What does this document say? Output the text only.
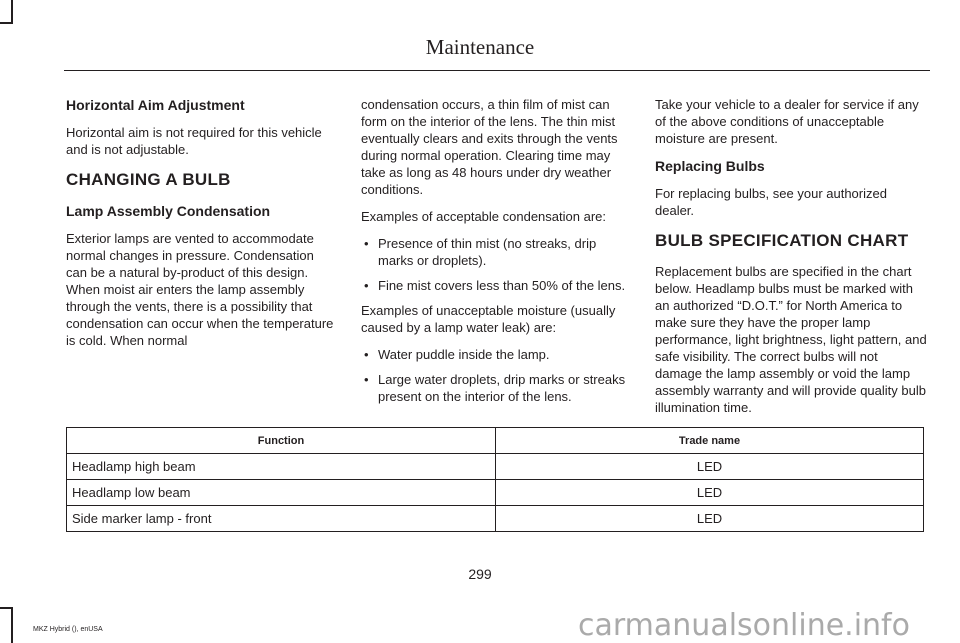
Maintenance
Horizontal Aim Adjustment

Horizontal aim is not required for this vehicle and is not adjustable.

CHANGING A BULB
Lamp Assembly Condensation

Exterior lamps are vented to accommodate normal changes in pressure. Condensation can be a natural by-product of this design. When moist air enters the lamp assembly through the vents, there is a possibility that condensation can occur when the temperature is cold. When normal

condensation occurs, a thin film of mist can form on the interior of the lens. The thin mist eventually clears and exits through the vents during normal operation. Clearing time may take as long as 48 hours under dry weather conditions.

Examples of acceptable condensation are:

• Presence of thin mist (no streaks, drip marks or droplets).
• Fine mist covers less than 50% of the lens.

Examples of unacceptable moisture (usually caused by a lamp water leak) are:

• Water puddle inside the lamp.
• Large water droplets, drip marks or streaks present on the interior of the lens.

Take your vehicle to a dealer for service if any of the above conditions of unacceptable moisture are present.

Replacing Bulbs

For replacing bulbs, see your authorized dealer.

BULB SPECIFICATION CHART

Replacement bulbs are specified in the chart below. Headlamp bulbs must be marked with an authorized “D.O.T.” for North America to make sure they have the proper lamp performance, light brightness, light pattern, and safe visibility. The correct bulbs will not damage the lamp assembly or void the lamp assembly warranty and will provide quality bulb illumination time.

Function	Trade name
Headlamp high beam	LED
Headlamp low beam	LED
Side marker lamp - front	LED
299
MKZ Hybrid (), enUSA	carmanualsonline.info
